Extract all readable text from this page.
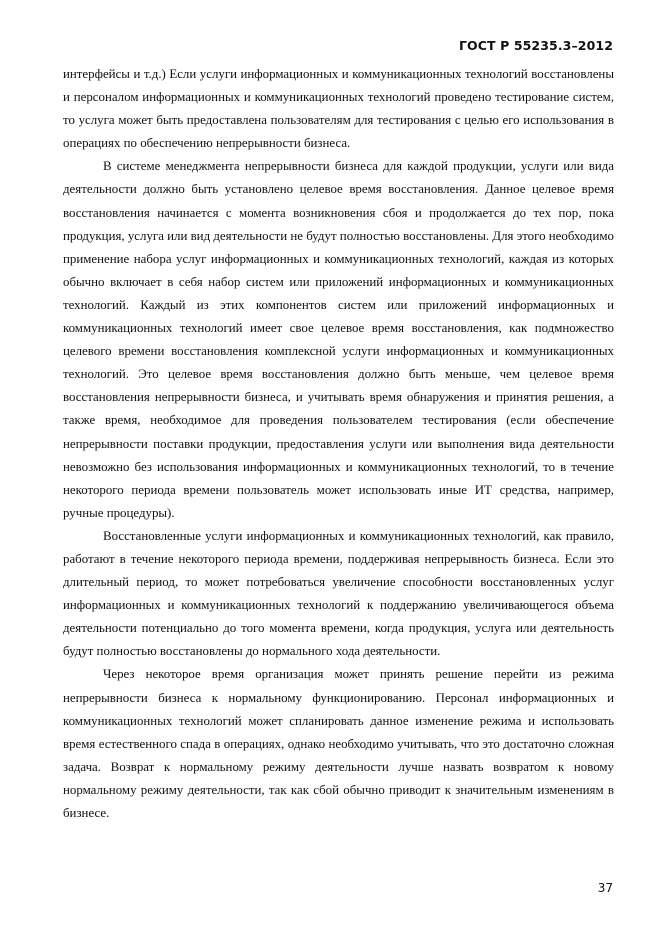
ГОСТ Р 55235.3–2012

интерфейсы и т.д.) Если услуги информационных и коммуникационных технологий восстановлены и персоналом информационных и коммуникационных технологий проведено тестирование систем, то услуга может быть предоставлена пользователям для тестирования с целью его использования в операциях по обеспечению непрерывности бизнеса.

В системе менеджмента непрерывности бизнеса для каждой продукции, услуги или вида деятельности должно быть установлено целевое время восстановления. Данное целевое время восстановления начинается с момента возникновения сбоя и продолжается до тех пор, пока продукция, услуга или вид деятельности не будут полностью восстановлены. Для этого необходимо применение набора услуг информационных и коммуникационных технологий, каждая из которых обычно включает в себя набор систем или приложений информационных и коммуникационных технологий. Каждый из этих компонентов систем или приложений информационных и коммуникационных технологий имеет свое целевое время восстановления, как подмножество целевого времени восстановления комплексной услуги информационных и коммуникационных технологий. Это целевое время восстановления должно быть меньше, чем целевое время восстановления непрерывности бизнеса, и учитывать время обнаружения и принятия решения, а также время, необходимое для проведения пользователем тестирования (если обеспечение непрерывности поставки продукции, предоставления услуги или выполнения вида деятельности невозможно без использования информационных и коммуникационных технологий, то в течение некоторого периода времени пользователь может использовать иные ИТ средства, например, ручные процедуры).

Восстановленные услуги информационных и коммуникационных технологий, как правило, работают в течение некоторого периода времени, поддерживая непрерывность бизнеса. Если это длительный период, то может потребоваться увеличение способности восстановленных услуг информационных и коммуникационных технологий к поддержанию увеличивающегося объема деятельности потенциально до того момента времени, когда продукция, услуга или деятельность будут полностью восстановлены до нормального хода деятельности.

Через некоторое время организация может принять решение перейти из режима непрерывности бизнеса к нормальному функционированию. Персонал информационных и коммуникационных технологий может спланировать данное изменение режима и использовать время естественного спада в операциях, однако необходимо учитывать, что это достаточно сложная задача. Возврат к нормальному режиму деятельности лучше назвать возвратом к новому нормальному режиму деятельности, так как сбой обычно приводит к значительным изменениям в бизнесе.

37
